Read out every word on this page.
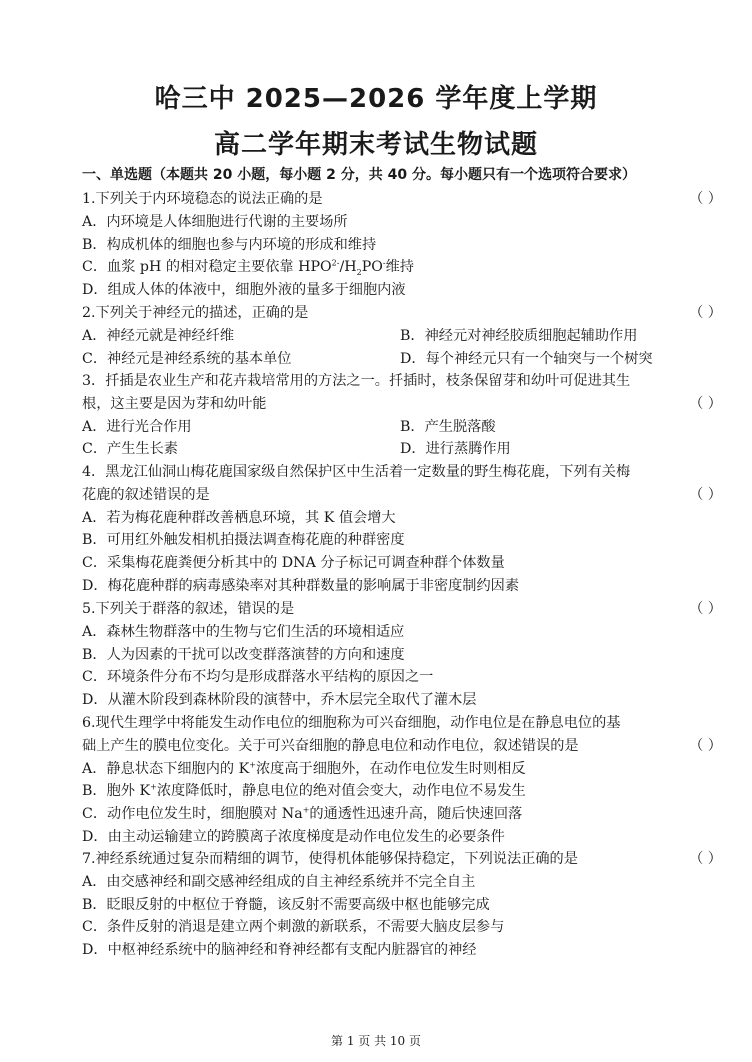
哈三中 2025—2026 学年度上学期
高二学年期末考试生物试题
一、单选题（本题共 20 小题，每小题 2 分，共 40 分。每小题只有一个选项符合要求）
1.下列关于内环境稳态的说法正确的是	（ ）
A．内环境是人体细胞进行代谢的主要场所
B．构成机体的细胞也参与内环境的形成和维持
C．血浆 pH 的相对稳定主要依靠 $HPO^{2-}/H_2PO^-$维持
D．组成人体的体液中，细胞外液的量多于细胞内液
2.下列关于神经元的描述，正确的是	（ ）
A．神经元就是神经纤维	B．神经元对神经胶质细胞起辅助作用
C．神经元是神经系统的基本单位	D．每个神经元只有一个轴突与一个树突
3．扦插是农业生产和花卉栽培常用的方法之一。扦插时，枝条保留芽和幼叶可促进其生
根，这主要是因为芽和幼叶能	（ ）
A．进行光合作用	B．产生脱落酸
C．产生生长素	D．进行蒸腾作用
4．黑龙江仙洞山梅花鹿国家级自然保护区中生活着一定数量的野生梅花鹿，下列有关梅
花鹿的叙述错误的是	（ ）
A．若为梅花鹿种群改善栖息环境，其 K 值会增大
B．可用红外触发相机拍摄法调查梅花鹿的种群密度
C．采集梅花鹿粪便分析其中的 DNA 分子标记可调查种群个体数量
D．梅花鹿种群的病毒感染率对其种群数量的影响属于非密度制约因素
5.下列关于群落的叙述，错误的是	（ ）
A．森林生物群落中的生物与它们生活的环境相适应
B．人为因素的干扰可以改变群落演替的方向和速度
C．环境条件分布不均匀是形成群落水平结构的原因之一
D．从灌木阶段到森林阶段的演替中，乔木层完全取代了灌木层
6.现代生理学中将能发生动作电位的细胞称为可兴奋细胞，动作电位是在静息电位的基
础上产生的膜电位变化。关于可兴奋细胞的静息电位和动作电位，叙述错误的是	（ ）
A．静息状态下细胞内的 K+浓度高于细胞外，在动作电位发生时则相反
B．胞外 K+浓度降低时，静息电位的绝对值会变大，动作电位不易发生
C．动作电位发生时，细胞膜对 Na+的通透性迅速升高，随后快速回落
D．由主动运输建立的跨膜离子浓度梯度是动作电位发生的必要条件
7.神经系统通过复杂而精细的调节，使得机体能够保持稳定，下列说法正确的是	（ ）
A．由交感神经和副交感神经组成的自主神经系统并不完全自主
B．眨眼反射的中枢位于脊髓，该反射不需要高级中枢也能够完成
C．条件反射的消退是建立两个刺激的新联系，不需要大脑皮层参与
D．中枢神经系统中的脑神经和脊神经都有支配内脏器官的神经
第 1 页 共 10 页
